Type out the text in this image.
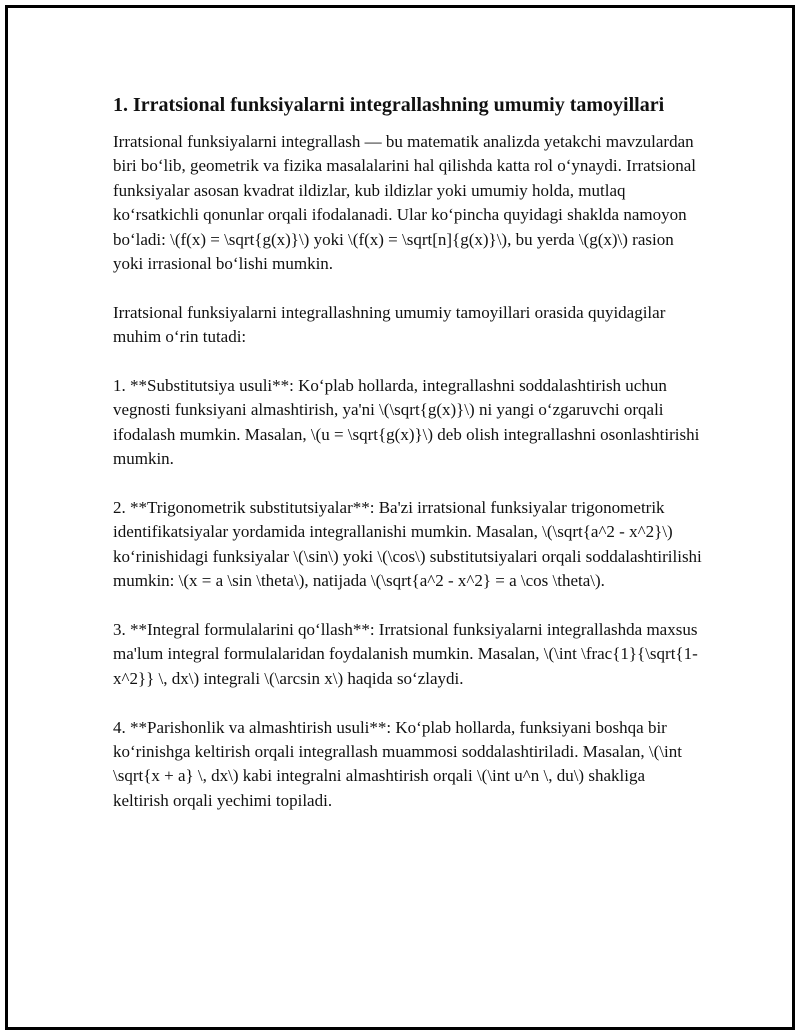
1. Irratsional funksiyalarni integrallashning umumiy tamoyillari

Irratsional funksiyalarni integrallash — bu matematik analizda yetakchi mavzulardan biri bo‘lib, geometrik va fizika masalalarini hal qilishda katta rol o‘ynaydi. Irratsional funksiyalar asosan kvadrat ildizlar, kub ildizlar yoki umumiy holda, mutlaq ko‘rsatkichli qonunlar orqali ifodalanadi. Ular ko‘pincha quyidagi shaklda namoyon bo‘ladi: \(f(x) = \sqrt{g(x)}\) yoki \(f(x) = \sqrt[n]{g(x)}\), bu yerda \(g(x)\) rasion yoki irrasional bo‘lishi mumkin.

Irratsional funksiyalarni integrallashning umumiy tamoyillari orasida quyidagilar muhim o‘rin tutadi:

1. **Substitutsiya usuli**: Ko‘plab hollarda, integrallashni soddalashtirish uchun vegnosti funksiyani almashtirish, ya'ni \(\sqrt{g(x)}\) ni yangi o‘zgaruvchi orqali ifodalash mumkin. Masalan, \(u = \sqrt{g(x)}\) deb olish integrallashni osonlashtirishi mumkin.

2. **Trigonometrik substitutsiyalar**: Ba'zi irratsional funksiyalar trigonometrik identifikatsiyalar yordamida integrallanishi mumkin. Masalan, \(\sqrt{a^2 - x^2}\) ko‘rinishidagi funksiyalar \(\sin\) yoki \(\cos\) substitutsiyalari orqali soddalashtirilishi mumkin: \(x = a \sin \theta\), natijada \(\sqrt{a^2 - x^2} = a \cos \theta\).

3. **Integral formulalarini qo‘llash**: Irratsional funksiyalarni integrallashda maxsus ma'lum integral formulalaridan foydalanish mumkin. Masalan, \(\int \frac{1}{\sqrt{1-x^2}} \, dx\) integrali \(\arcsin x\) haqida so‘zlaydi.

4. **Parishonlik va almashtirish usuli**: Ko‘plab hollarda, funksiyani boshqa bir ko‘rinishga keltirish orqali integrallash muammosi soddalashtiriladi. Masalan, \(\int \sqrt{x + a} \, dx\) kabi integralni almashtirish orqali \(\int u^n \, du\) shakliga keltirish orqali yechimi topiladi.
